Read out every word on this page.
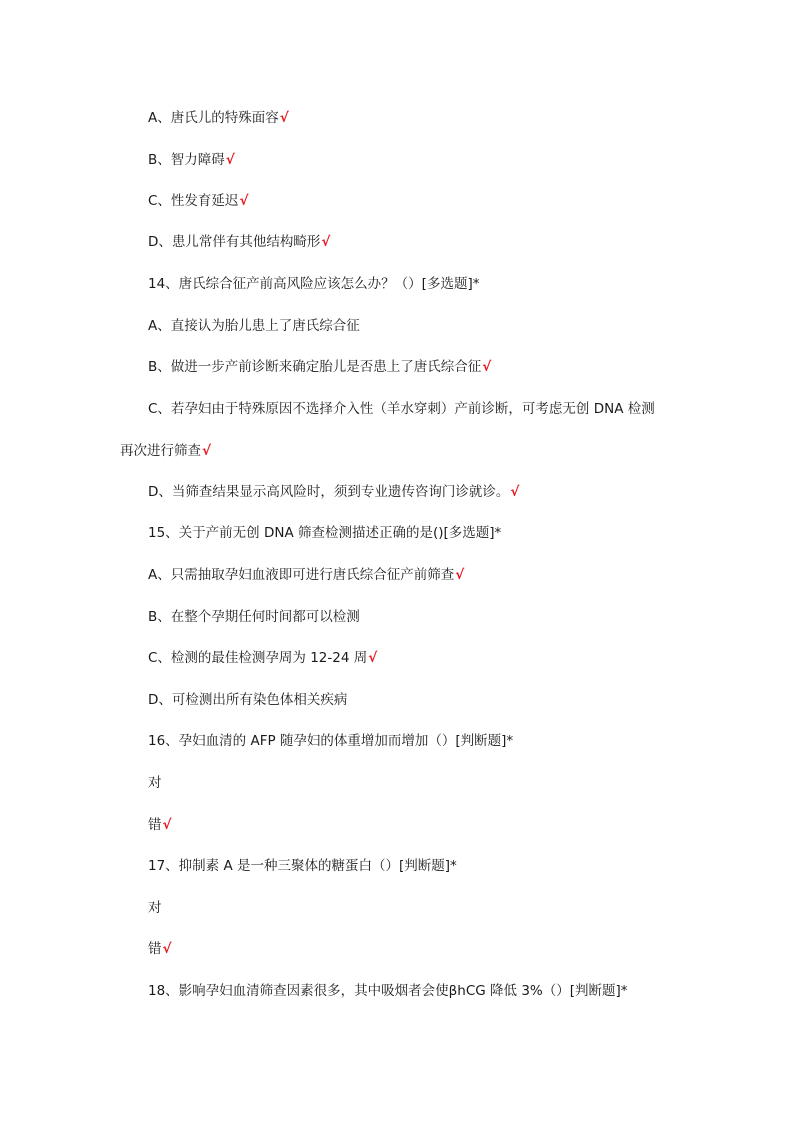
A、唐氏儿的特殊面容√
B、智力障碍√
C、性发育延迟√
D、患儿常伴有其他结构畸形√
14、唐氏综合征产前高风险应该怎么办？（）[多选题]*
A、直接认为胎儿患上了唐氏综合征
B、做进一步产前诊断来确定胎儿是否患上了唐氏综合征√
C、若孕妇由于特殊原因不选择介入性（羊水穿刺）产前诊断，可考虑无创 DNA 检测
再次进行筛查√
D、当筛查结果显示高风险时，须到专业遗传咨询门诊就诊。√
15、关于产前无创 DNA 筛查检测描述正确的是()[多选题]*
A、只需抽取孕妇血液即可进行唐氏综合征产前筛查√
B、在整个孕期任何时间都可以检测
C、检测的最佳检测孕周为 12-24 周√
D、可检测出所有染色体相关疾病
16、孕妇血清的 AFP 随孕妇的体重增加而增加（）[判断题]*
对
错√
17、抑制素 A 是一种三聚体的糖蛋白（）[判断题]*
对
错√
18、影响孕妇血清筛查因素很多，其中吸烟者会使βhCG 降低 3%（）[判断题]*
